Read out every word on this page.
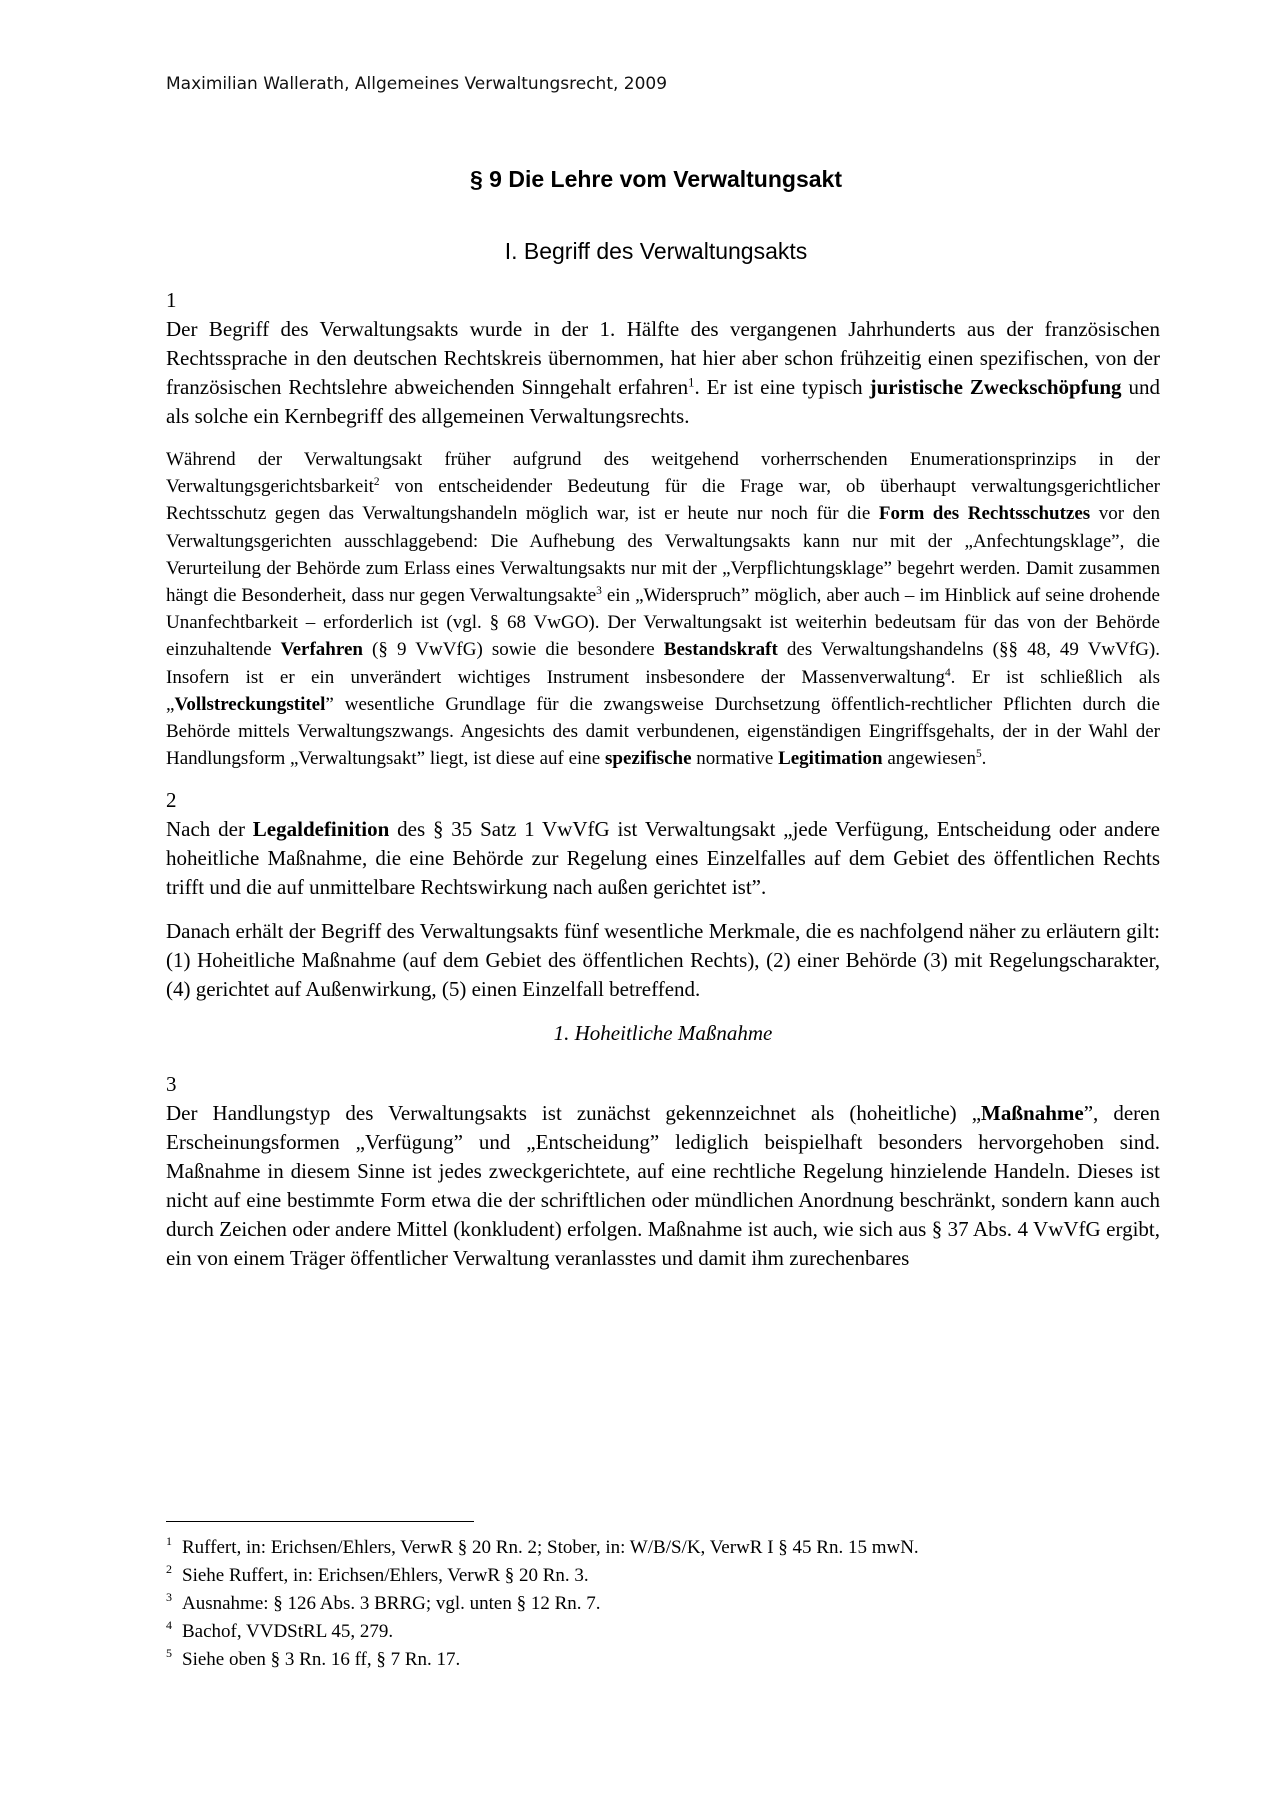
Maximilian Wallerath, Allgemeines Verwaltungsrecht, 2009
§ 9 Die Lehre vom Verwaltungsakt
I. Begriff des Verwaltungsakts

1

Der Begriff des Verwaltungsakts wurde in der 1. Hälfte des vergangenen Jahrhunderts aus der französischen Rechtssprache in den deutschen Rechtskreis übernommen, hat hier aber schon frühzeitig einen spezifischen, von der französischen Rechtslehre abweichenden Sinngehalt erfahren$^1$. Er ist eine typisch juristische Zweckschöpfung und als solche ein Kernbegriff des allgemeinen Verwaltungsrechts.

Während der Verwaltungsakt früher aufgrund des weitgehend vorherrschenden Enumerationsprinzips in der Verwaltungsgerichtsbarkeit$^2$ von entscheidender Bedeutung für die Frage war, ob überhaupt verwaltungsgerichtlicher Rechtsschutz gegen das Verwaltungshandeln möglich war, ist er heute nur noch für die Form des Rechtsschutzes vor den Verwaltungsgerichten ausschlaggebend: Die Aufhebung des Verwaltungsakts kann nur mit der „Anfechtungsklage”, die Verurteilung der Behörde zum Erlass eines Verwaltungsakts nur mit der „Verpflichtungsklage” begehrt werden. Damit zusammen hängt die Besonderheit, dass nur gegen Verwaltungsakte$^3$ ein „Widerspruch” möglich, aber auch – im Hinblick auf seine drohende Unanfechtbarkeit – erforderlich ist (vgl. § 68 VwGO). Der Verwaltungsakt ist weiterhin bedeutsam für das von der Behörde einzuhaltende Verfahren (§ 9 VwVfG) sowie die besondere Bestandskraft des Verwaltungshandelns (§§ 48, 49 VwVfG). Insofern ist er ein unverändert wichtiges Instrument insbesondere der Massenverwaltung$^4$. Er ist schließlich als „Vollstreckungstitel” wesentliche Grundlage für die zwangsweise Durchsetzung öffentlich-rechtlicher Pflichten durch die Behörde mittels Verwaltungszwangs. Angesichts des damit verbundenen, eigenständigen Eingriffsgehalts, der in der Wahl der Handlungsform „Verwaltungsakt” liegt, ist diese auf eine spezifische normative Legitimation angewiesen$^5$.

2

Nach der Legaldefinition des § 35 Satz 1 VwVfG ist Verwaltungsakt „jede Verfügung, Entscheidung oder andere hoheitliche Maßnahme, die eine Behörde zur Regelung eines Einzelfalles auf dem Gebiet des öffentlichen Rechts trifft und die auf unmittelbare Rechtswirkung nach außen gerichtet ist”.

Danach erhält der Begriff des Verwaltungsakts fünf wesentliche Merkmale, die es nachfolgend näher zu erläutern gilt: (1) Hoheitliche Maßnahme (auf dem Gebiet des öffentlichen Rechts), (2) einer Behörde (3) mit Regelungscharakter, (4) gerichtet auf Außenwirkung, (5) einen Einzelfall betreffend.

1. Hoheitliche Maßnahme

3

Der Handlungstyp des Verwaltungsakts ist zunächst gekennzeichnet als (hoheitliche) „Maßnahme”, deren Erscheinungsformen „Verfügung” und „Entscheidung” lediglich beispielhaft besonders hervorgehoben sind. Maßnahme in diesem Sinne ist jedes zweckgerichtete, auf eine rechtliche Regelung hinzielende Handeln. Dieses ist nicht auf eine bestimmte Form etwa die der schriftlichen oder mündlichen Anordnung beschränkt, sondern kann auch durch Zeichen oder andere Mittel (konkludent) erfolgen. Maßnahme ist auch, wie sich aus § 37 Abs. 4 VwVfG ergibt, ein von einem Träger öffentlicher Verwaltung veranlasstes und damit ihm zurechenbares

$^1$ Ruffert, in: Erichsen/Ehlers, VerwR § 20 Rn. 2; Stober, in: W/B/S/K, VerwR I § 45 Rn. 15 mwN.
$^2$ Siehe Ruffert, in: Erichsen/Ehlers, VerwR § 20 Rn. 3.
$^3$ Ausnahme: § 126 Abs. 3 BRRG; vgl. unten § 12 Rn. 7.
$^4$ Bachof, VVDStRL 45, 279.
$^5$ Siehe oben § 3 Rn. 16 ff, § 7 Rn. 17.
